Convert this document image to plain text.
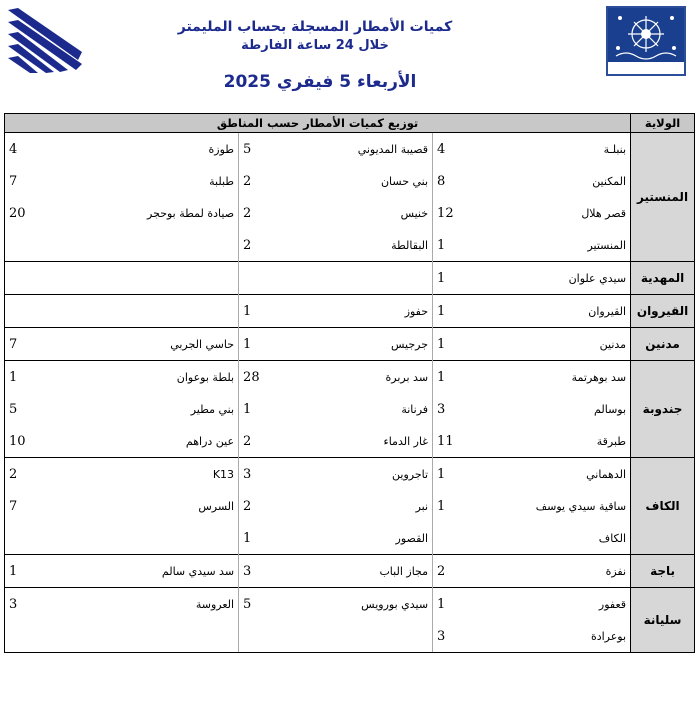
كميات الأمطار المسجلة بحساب المليمتر
خلال 24 ساعة الفارطة
الأربعاء 5 فيفري 2025
الولاية	توزيع كميات الأمطار حسب المناطق					
المنستير	بنبلـة	4	قصيبة المديوني	5	طوزة	4
	المكنين	8	بني حسان	2	طبلبة	7
	قصر هلال	12	خنيس	2	صيادة لمطة بوحجر	20
	المنستير	1	البقالطة	2		
المهدية	سيدي علوان	1				
القيروان	القيروان	1	حفوز	1		
مدنين	مدنين	1	جرجيس	1	حاسي الجربي	7
جندوبة	سد بوهرتمة	1	سد بربرة	28	بلطة بوعوان	1
	بوسالم	3	فرنانة	1	بني مطير	5
	طبرقة	11	غار الدماء	2	عين دراهم	10
الكاف	الدهماني	1	تاجروين	3	K13	2
	ساقية سيدي يوسف	1	نبر	2	السرس	7
	الكاف		القصور	1		
باجة	نفزة	2	مجاز الباب	3	سد سيدي سالم	1
سليانة	قعفور	1	سيدي بورويس	5	العروسة	3
	بوعرادة	3				
